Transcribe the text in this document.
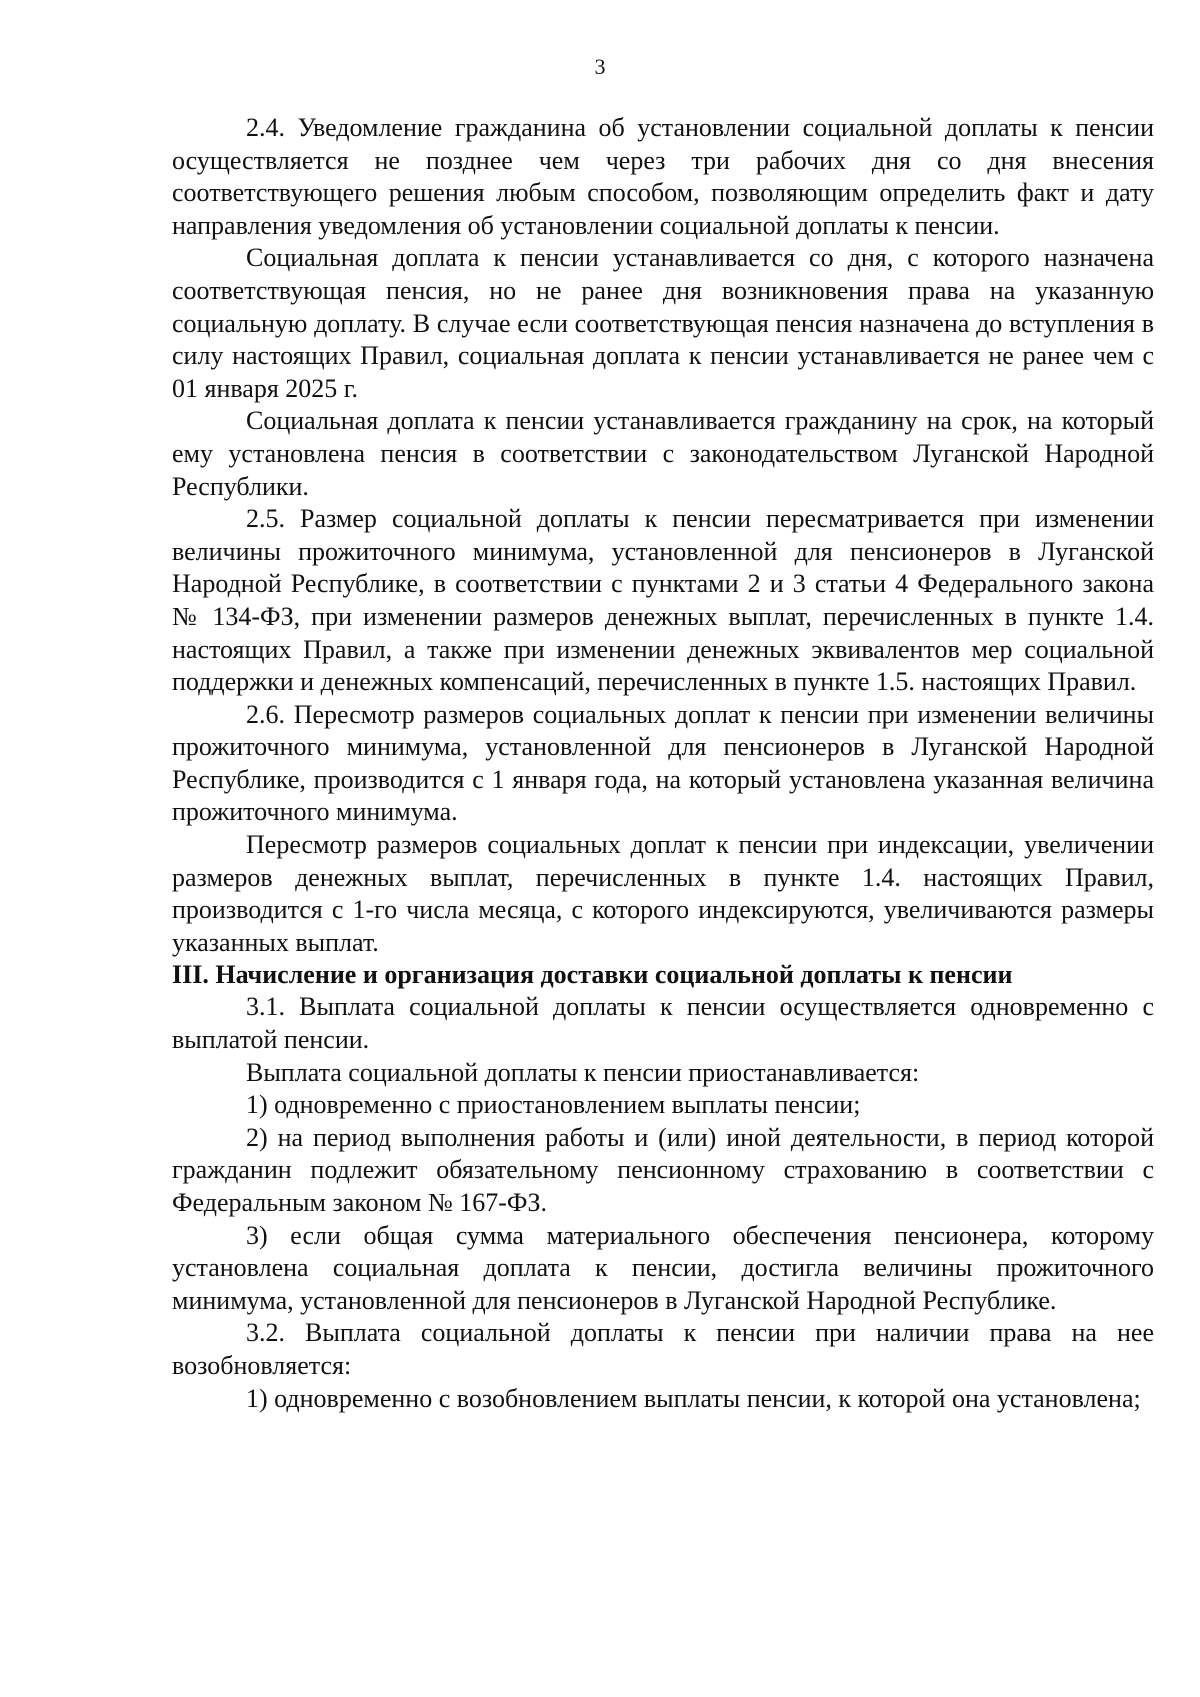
3

2.4. Уведомление гражданина об установлении социальной доплаты к пенсии осуществляется не позднее чем через три рабочих дня со дня внесения соответствующего решения любым способом, позволяющим определить факт и дату направления уведомления об установлении социальной доплаты к пенсии.

Социальная доплата к пенсии устанавливается со дня, с которого назначена соответствующая пенсия, но не ранее дня возникновения права на указанную социальную доплату. В случае если соответствующая пенсия назначена до вступления в силу настоящих Правил, социальная доплата к пенсии устанавливается не ранее чем с 01 января 2025 г.

Социальная доплата к пенсии устанавливается гражданину на срок, на который ему установлена пенсия в соответствии с законодательством Луганской Народной Республики.

2.5. Размер социальной доплаты к пенсии пересматривается при изменении величины прожиточного минимума, установленной для пенсионеров в Луганской Народной Республике, в соответствии с пунктами 2 и 3 статьи 4 Федерального закона № 134-ФЗ, при изменении размеров денежных выплат, перечисленных в пункте 1.4. настоящих Правил, а также при изменении денежных эквивалентов мер социальной поддержки и денежных компенсаций, перечисленных в пункте 1.5. настоящих Правил.

2.6. Пересмотр размеров социальных доплат к пенсии при изменении величины прожиточного минимума, установленной для пенсионеров в Луганской Народной Республике, производится с 1 января года, на который установлена указанная величина прожиточного минимума.

Пересмотр размеров социальных доплат к пенсии при индексации, увеличении размеров денежных выплат, перечисленных в пункте 1.4. настоящих Правил, производится с 1-го числа месяца, с которого индексируются, увеличиваются размеры указанных выплат.

III. Начисление и организация доставки социальной доплаты к пенсии

3.1. Выплата социальной доплаты к пенсии осуществляется одновременно с выплатой пенсии.

Выплата социальной доплаты к пенсии приостанавливается:

1) одновременно с приостановлением выплаты пенсии;

2) на период выполнения работы и (или) иной деятельности, в период которой гражданин подлежит обязательному пенсионному страхованию в соответствии с Федеральным законом № 167-ФЗ.

3) если общая сумма материального обеспечения пенсионера, которому установлена социальная доплата к пенсии, достигла величины прожиточного минимума, установленной для пенсионеров в Луганской Народной Республике.

3.2. Выплата социальной доплаты к пенсии при наличии права на нее возобновляется:

1) одновременно с возобновлением выплаты пенсии, к которой она установлена;
